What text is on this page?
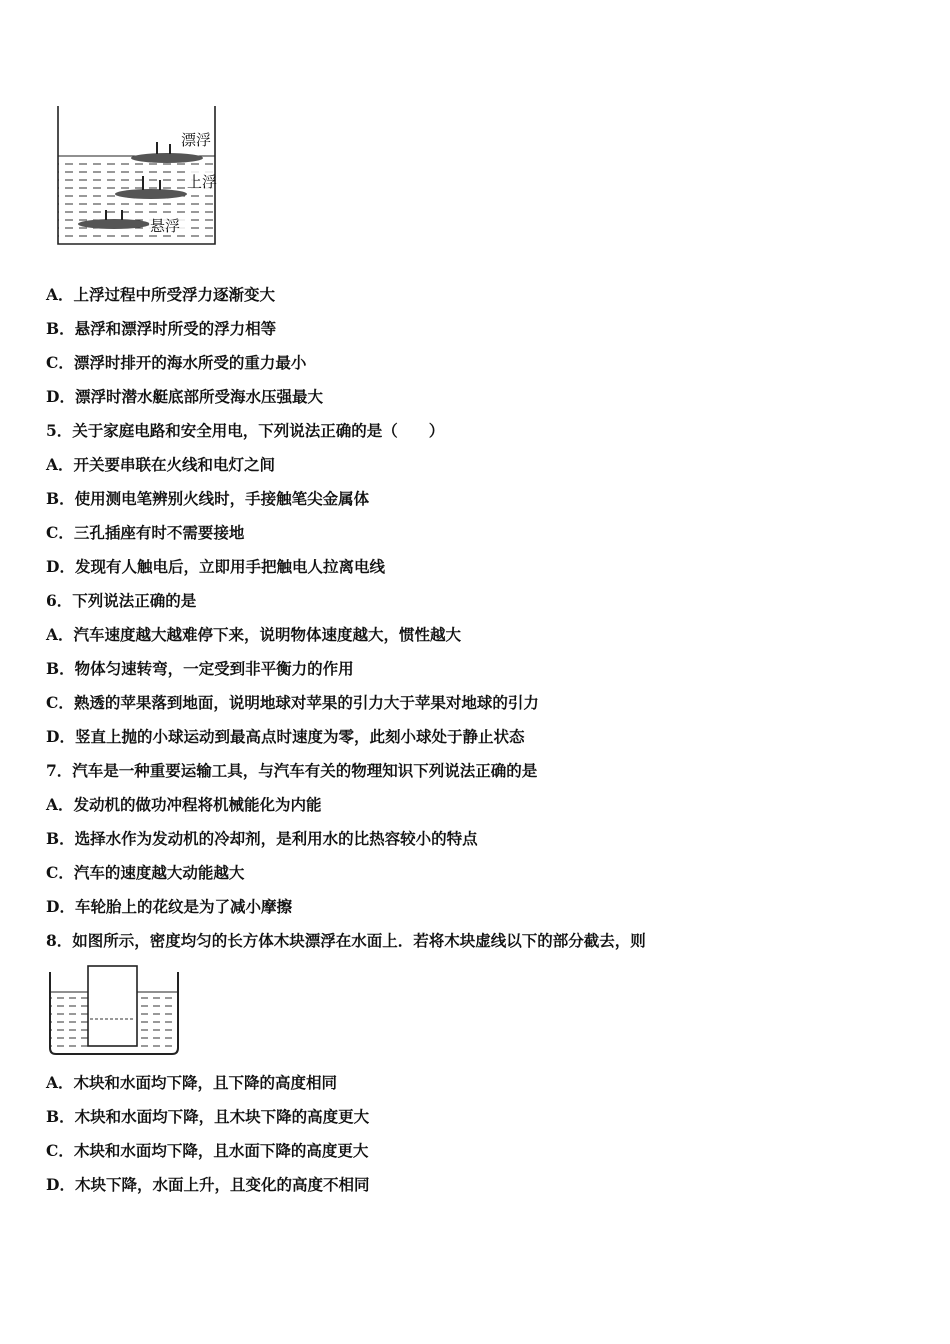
漂浮
上浮
悬浮
A．上浮过程中所受浮力逐渐变大
B．悬浮和漂浮时所受的浮力相等
C．漂浮时排开的海水所受的重力最小
D．漂浮时潜水艇底部所受海水压强最大
5．关于家庭电路和安全用电，下列说法正确的是（　　）
A．开关要串联在火线和电灯之间
B．使用测电笔辨别火线时，手接触笔尖金属体
C．三孔插座有时不需要接地
D．发现有人触电后，立即用手把触电人拉离电线
6．下列说法正确的是
A．汽车速度越大越难停下来，说明物体速度越大，惯性越大
B．物体匀速转弯，一定受到非平衡力的作用
C．熟透的苹果落到地面，说明地球对苹果的引力大于苹果对地球的引力
D．竖直上抛的小球运动到最高点时速度为零，此刻小球处于静止状态
7．汽车是一种重要运输工具，与汽车有关的物理知识下列说法正确的是
A．发动机的做功冲程将机械能化为内能
B．选择水作为发动机的冷却剂，是利用水的比热容较小的特点
C．汽车的速度越大动能越大
D．车轮胎上的花纹是为了减小摩擦
8．如图所示，密度均匀的长方体木块漂浮在水面上．若将木块虚线以下的部分截去，则
A．木块和水面均下降，且下降的高度相同
B．木块和水面均下降，且木块下降的高度更大
C．木块和水面均下降，且水面下降的高度更大
D．木块下降，水面上升，且变化的高度不相同
